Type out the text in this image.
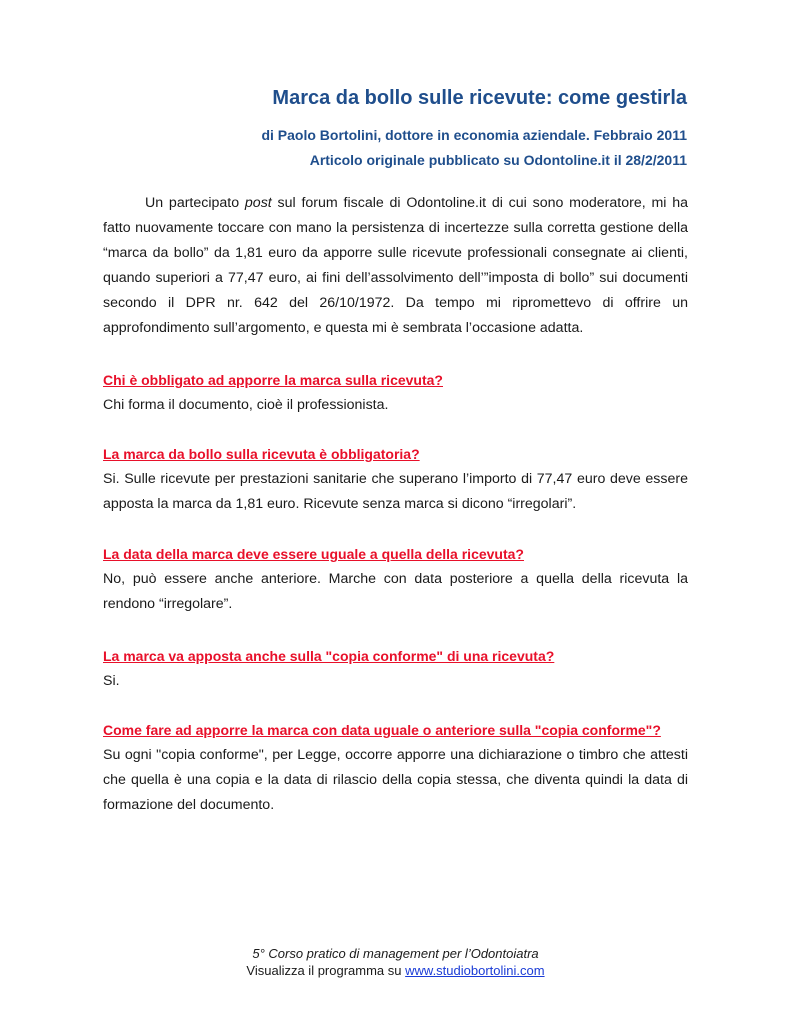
Marca da bollo sulle ricevute: come gestirla

di Paolo Bortolini, dottore in economia aziendale. Febbraio 2011

Articolo originale pubblicato su Odontoline.it il 28/2/2011

Un partecipato post sul forum fiscale di Odontoline.it di cui sono moderatore, mi ha fatto nuovamente toccare con mano la persistenza di incertezze sulla corretta gestione della “marca da bollo” da 1,81 euro da apporre sulle ricevute professionali consegnate ai clienti, quando superiori a 77,47 euro, ai fini dell’assolvimento dell’”imposta di bollo” sui documenti secondo il DPR nr. 642 del 26/10/1972. Da tempo mi ripromettevo di offrire un approfondimento sull’argomento, e questa mi è sembrata l’occasione adatta.

Chi è obbligato ad apporre la marca sulla ricevuta?

Chi forma il documento, cioè il professionista.

La marca da bollo sulla ricevuta è obbligatoria?

Si. Sulle ricevute per prestazioni sanitarie che superano l’importo di 77,47 euro deve essere apposta la marca da 1,81 euro. Ricevute senza marca si dicono “irregolari”.

La data della marca deve essere uguale a quella della ricevuta?

No, può essere anche anteriore. Marche con data posteriore a quella della ricevuta la rendono “irregolare”.

La marca va apposta anche sulla "copia conforme" di una ricevuta?

Si.

Come fare ad apporre la marca con data uguale o anteriore sulla "copia conforme"?

Su ogni "copia conforme", per Legge, occorre apporre una dichiarazione o timbro che attesti che quella è una copia e la data di rilascio della copia stessa, che diventa quindi la data di formazione del documento.

5° Corso pratico di management per l’Odontoiatra
Visualizza il programma su www.studiobortolini.com
